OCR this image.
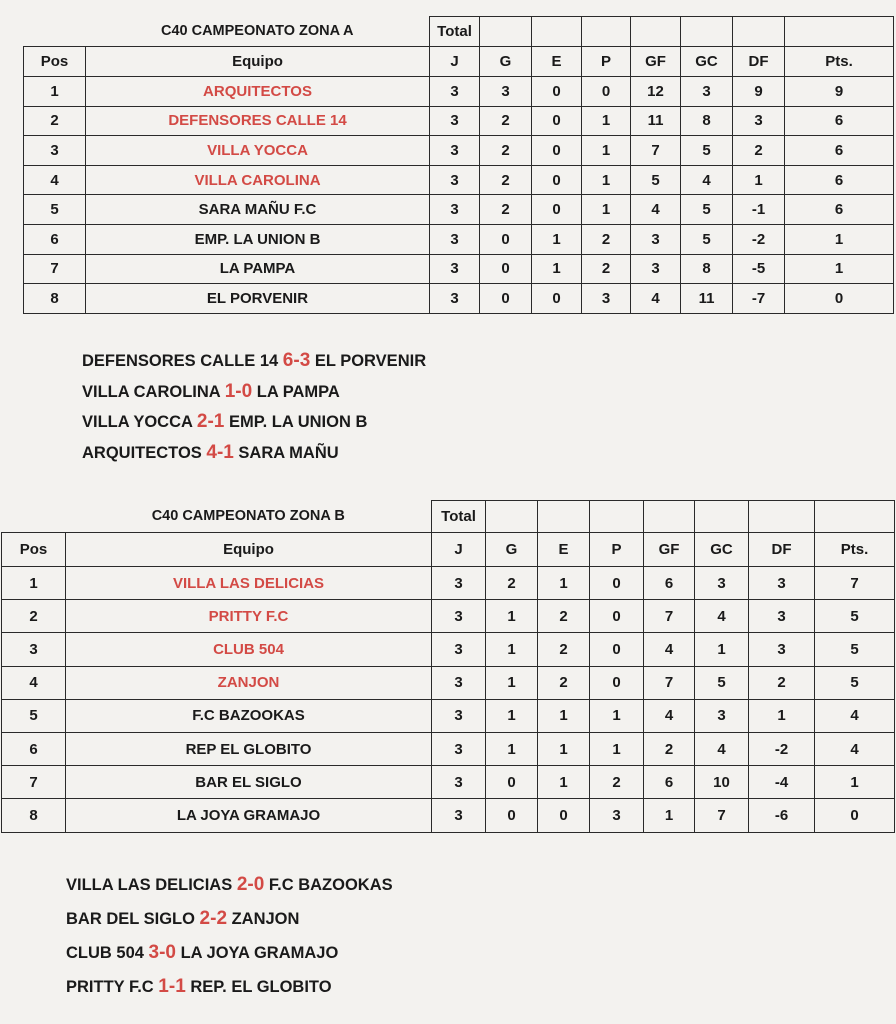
	C40 CAMPEONATO ZONA A	Total							
Pos	Equipo	J	G	E	P	GF	GC	DF	Pts.
1	ARQUITECTOS	3	3	0	0	12	3	9	9
2	DEFENSORES CALLE 14	3	2	0	1	11	8	3	6
3	VILLA YOCCA	3	2	0	1	7	5	2	6
4	VILLA CAROLINA	3	2	0	1	5	4	1	6
5	SARA MAÑU F.C	3	2	0	1	4	5	-1	6
6	EMP. LA UNION B	3	0	1	2	3	5	-2	1
7	LA PAMPA	3	0	1	2	3	8	-5	1
8	EL PORVENIR	3	0	0	3	4	11	-7	0
DEFENSORES CALLE 14 6-3 EL PORVENIR
VILLA CAROLINA 1-0 LA PAMPA
VILLA YOCCA 2-1 EMP. LA UNION B
ARQUITECTOS 4-1 SARA MAÑU
	C40 CAMPEONATO ZONA B	Total							
Pos	Equipo	J	G	E	P	GF	GC	DF	Pts.
1	VILLA LAS DELICIAS	3	2	1	0	6	3	3	7
2	PRITTY F.C	3	1	2	0	7	4	3	5
3	CLUB 504	3	1	2	0	4	1	3	5
4	ZANJON	3	1	2	0	7	5	2	5
5	F.C BAZOOKAS	3	1	1	1	4	3	1	4
6	REP EL GLOBITO	3	1	1	1	2	4	-2	4
7	BAR EL SIGLO	3	0	1	2	6	10	-4	1
8	LA JOYA GRAMAJO	3	0	0	3	1	7	-6	0
VILLA LAS DELICIAS 2-0 F.C BAZOOKAS
BAR DEL SIGLO 2-2 ZANJON
CLUB 504 3-0 LA JOYA GRAMAJO
PRITTY F.C 1-1 REP. EL GLOBITO
